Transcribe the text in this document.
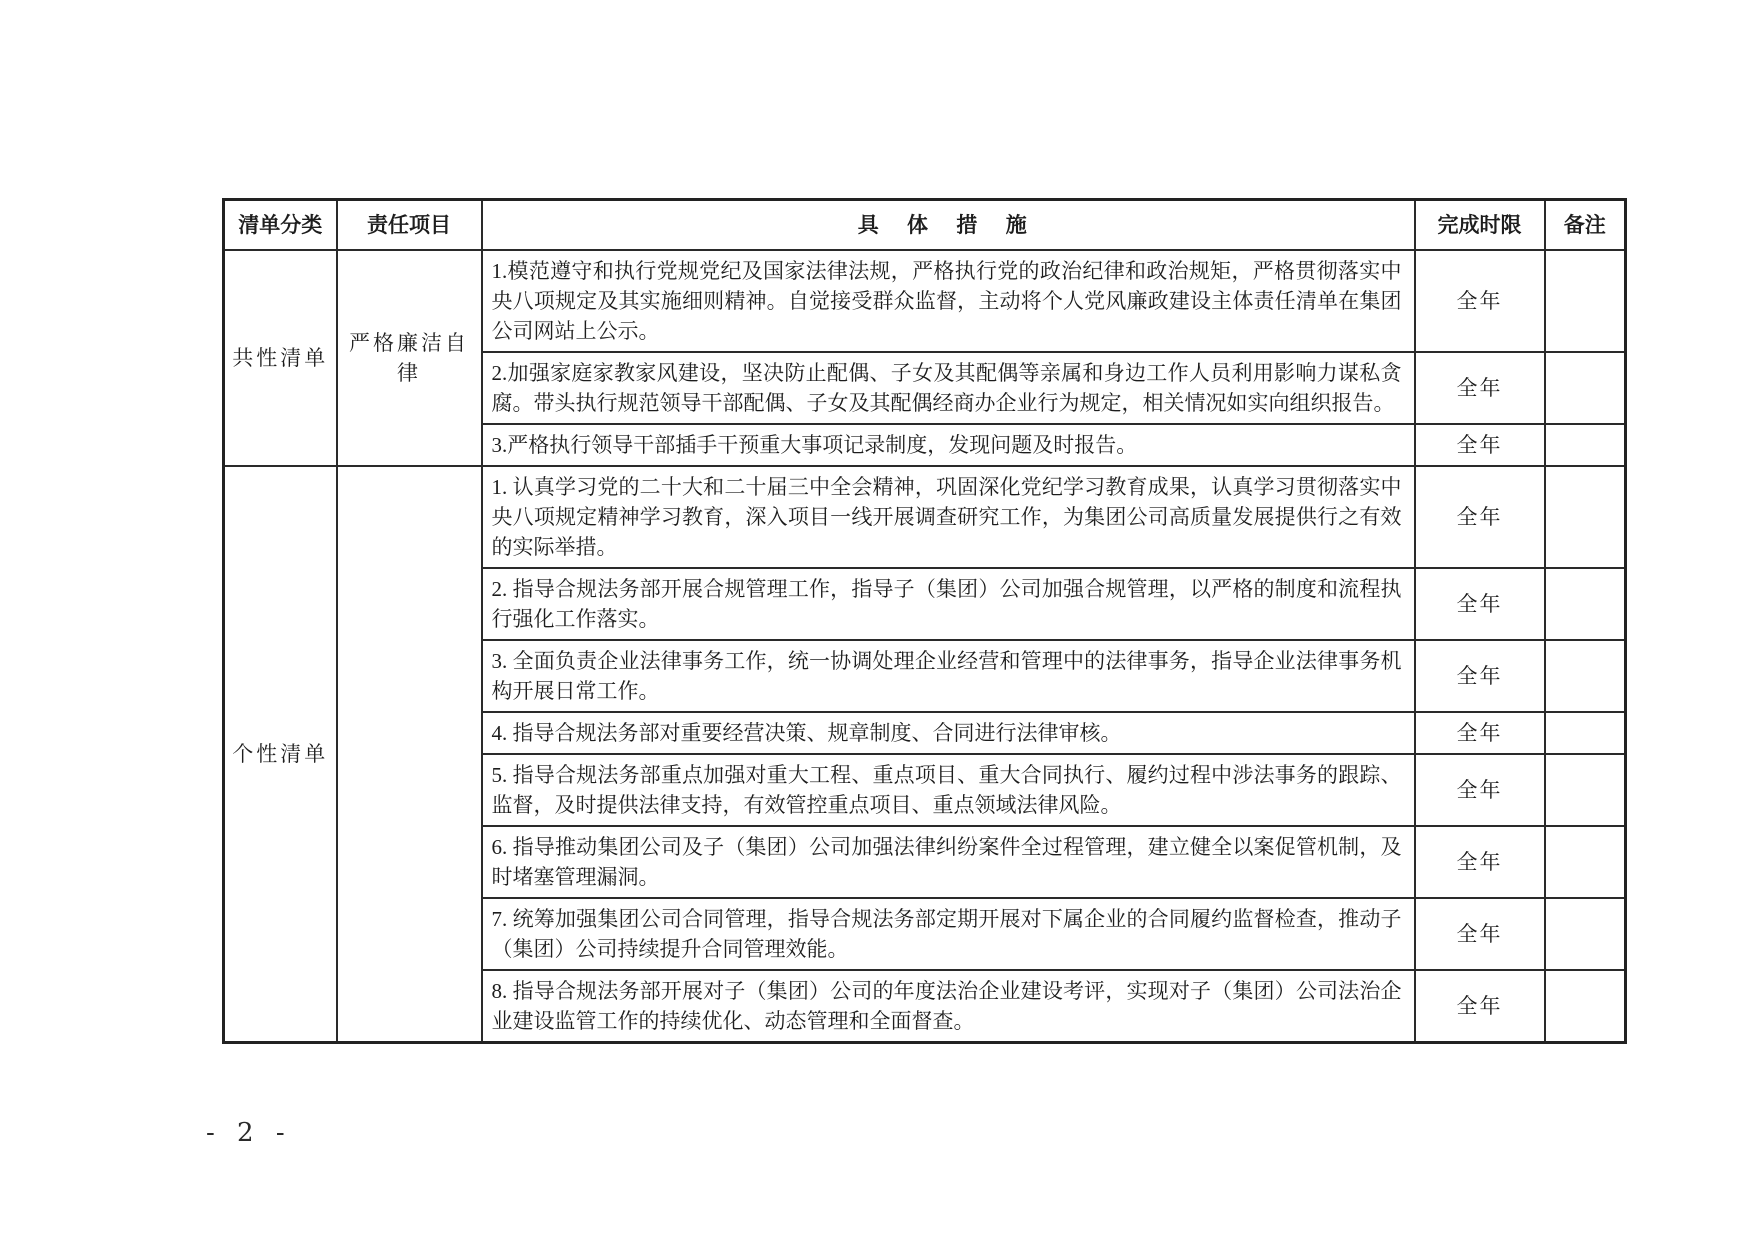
清单分类	责任项目	具 体 措 施	完成时限	备注
共性清单	严格廉洁自律	1.模范遵守和执行党规党纪及国家法律法规，严格执行党的政治纪律和政治规矩，严格贯彻落实中央八项规定及其实施细则精神。自觉接受群众监督，主动将个人党风廉政建设主体责任清单在集团公司网站上公示。	全年	
		2.加强家庭家教家风建设，坚决防止配偶、子女及其配偶等亲属和身边工作人员利用影响力谋私贪腐。带头执行规范领导干部配偶、子女及其配偶经商办企业行为规定，相关情况如实向组织报告。	全年	
		3.严格执行领导干部插手干预重大事项记录制度，发现问题及时报告。	全年	
个性清单		1. 认真学习党的二十大和二十届三中全会精神，巩固深化党纪学习教育成果，认真学习贯彻落实中央八项规定精神学习教育，深入项目一线开展调查研究工作，为集团公司高质量发展提供行之有效的实际举措。	全年	
		2. 指导合规法务部开展合规管理工作，指导子（集团）公司加强合规管理，以严格的制度和流程执行强化工作落实。	全年	
		3. 全面负责企业法律事务工作，统一协调处理企业经营和管理中的法律事务，指导企业法律事务机构开展日常工作。	全年	
		4. 指导合规法务部对重要经营决策、规章制度、合同进行法律审核。	全年	
		5. 指导合规法务部重点加强对重大工程、重点项目、重大合同执行、履约过程中涉法事务的跟踪、监督，及时提供法律支持，有效管控重点项目、重点领域法律风险。	全年	
		6. 指导推动集团公司及子（集团）公司加强法律纠纷案件全过程管理，建立健全以案促管机制，及时堵塞管理漏洞。	全年	
		7. 统筹加强集团公司合同管理，指导合规法务部定期开展对下属企业的合同履约监督检查，推动子（集团）公司持续提升合同管理效能。	全年	
		8. 指导合规法务部开展对子（集团）公司的年度法治企业建设考评，实现对子（集团）公司法治企业建设监管工作的持续优化、动态管理和全面督查。	全年	
- 2 -
